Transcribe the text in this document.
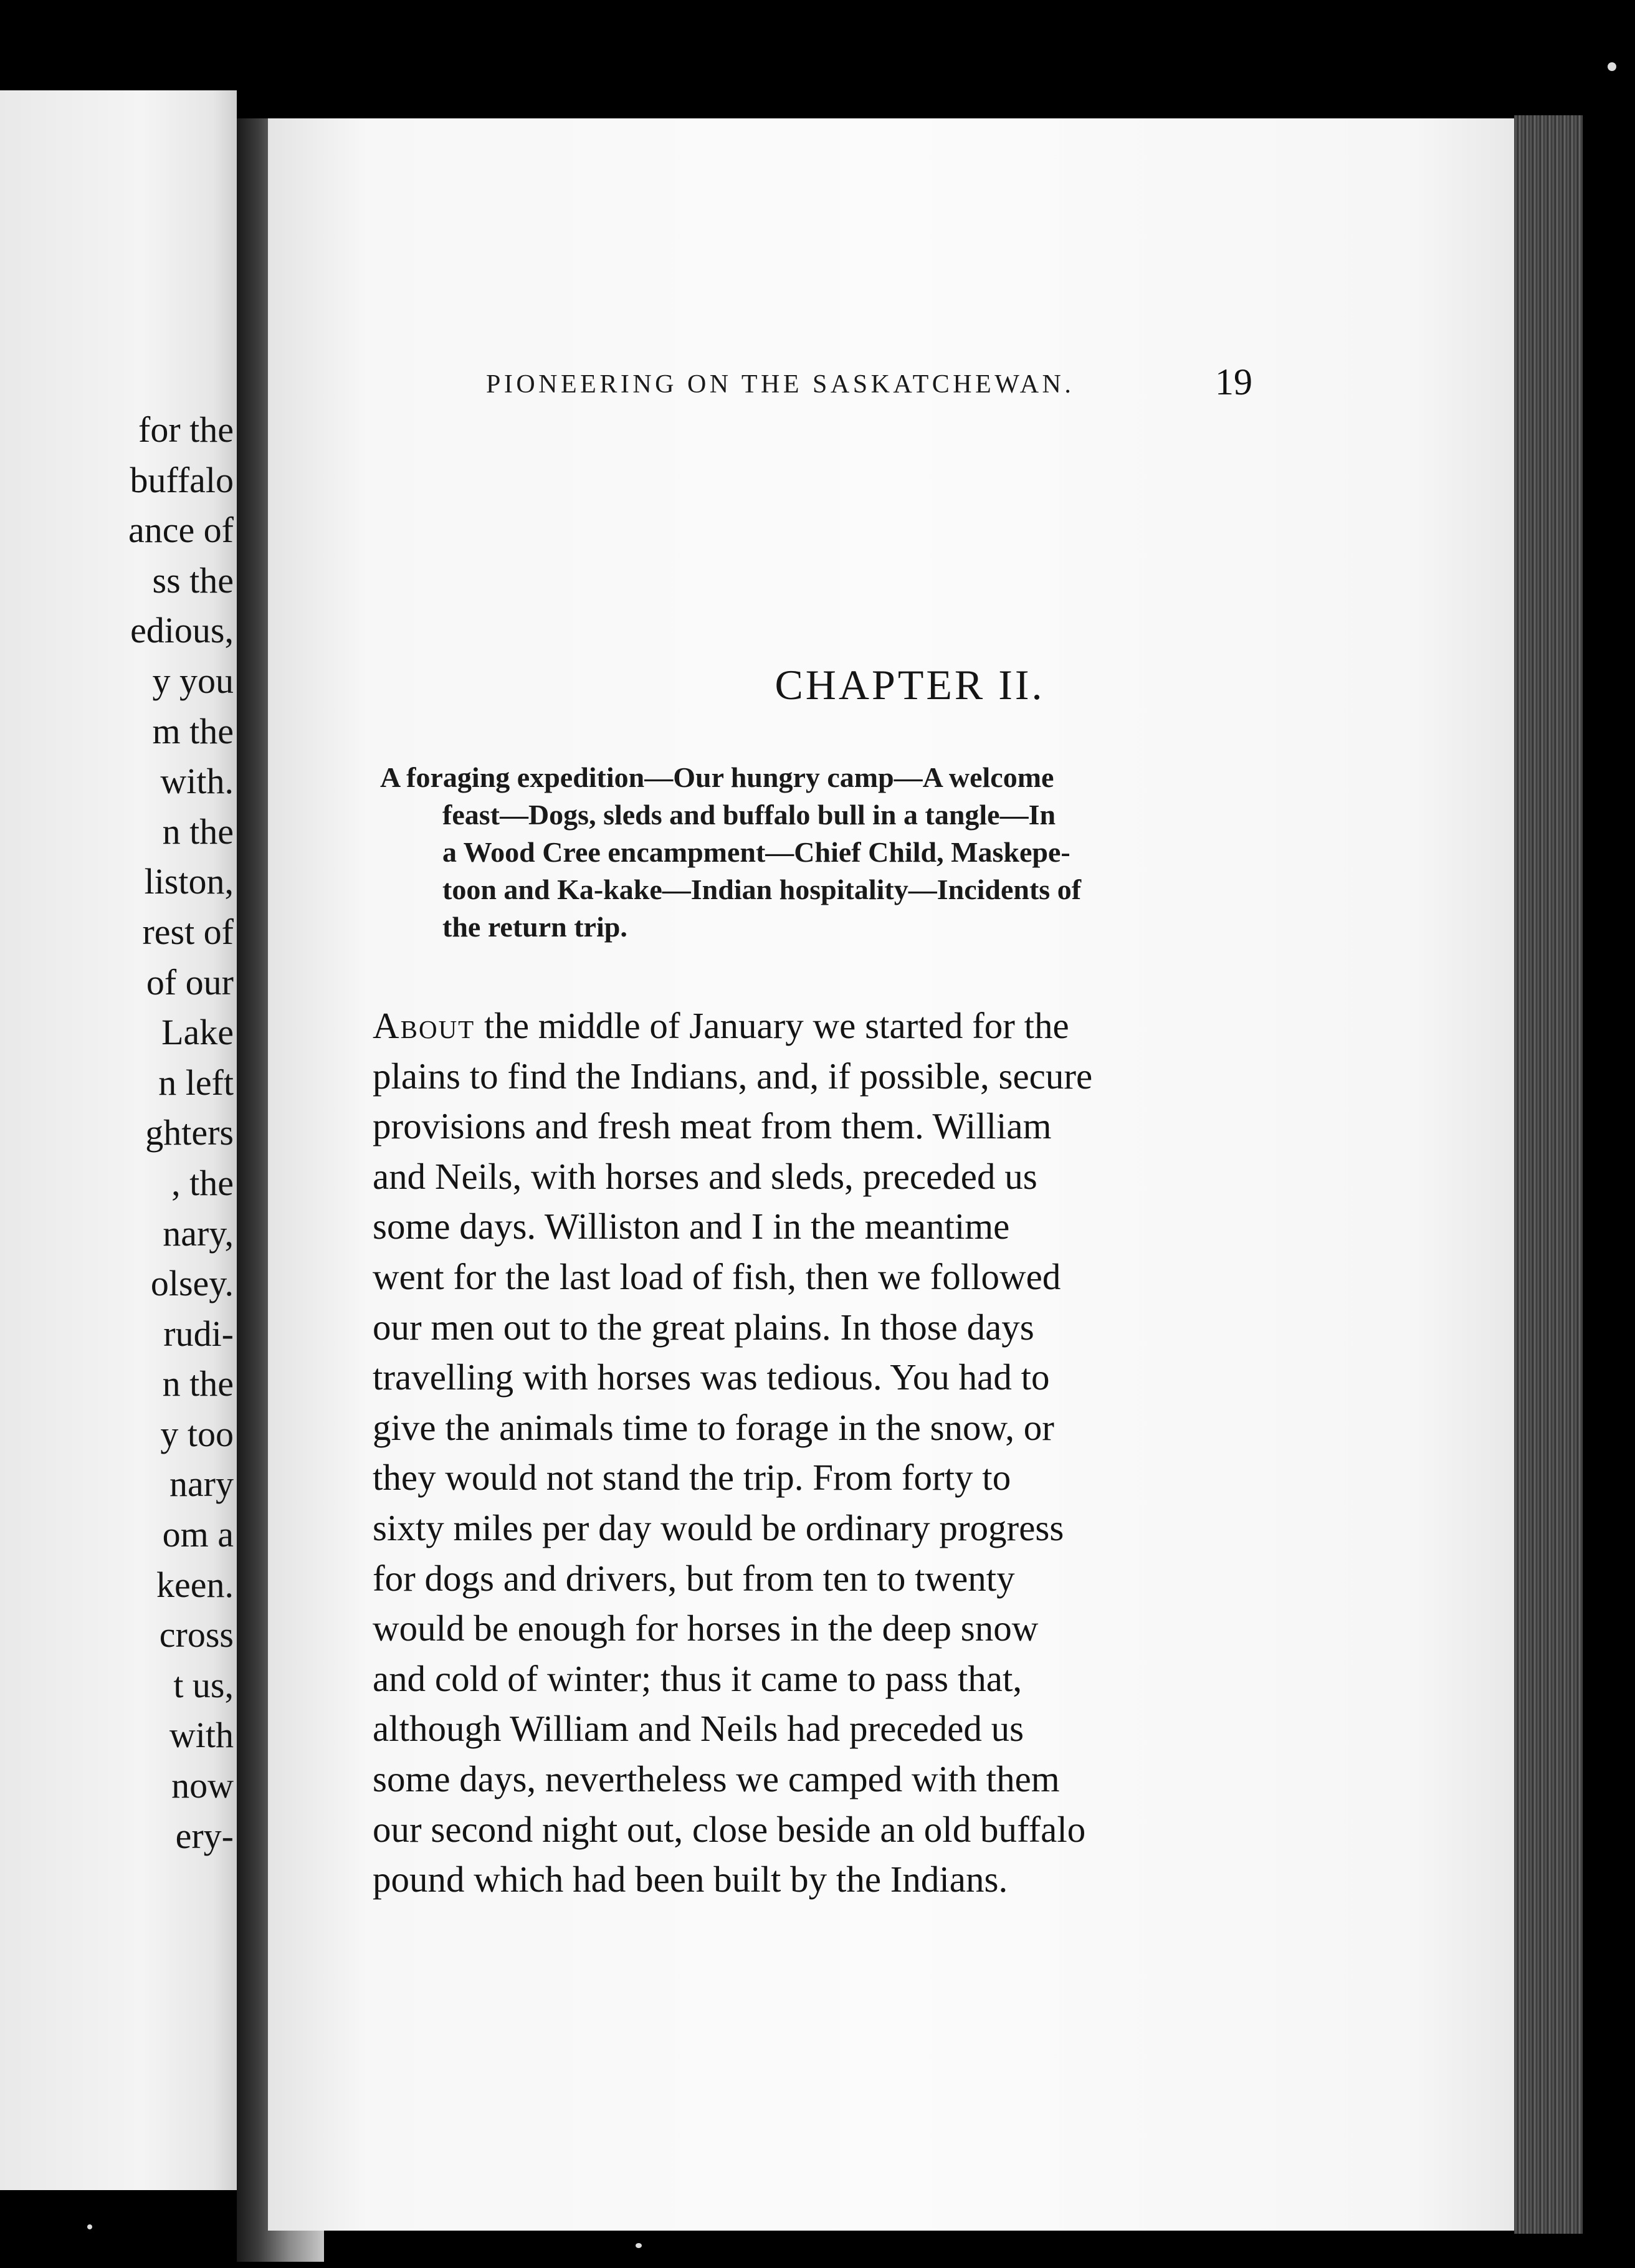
for the
buffalo
ance of
ss the
edious,
y you
m the
with.
n the
liston,
rest of
of our
Lake
n left
ghters
, the
nary,
olsey.
rudi-
n the
y too
nary
om a
keen.
cross
t us,
with
now
ery-
PIONEERING ON THE SASKATCHEWAN.	19
CHAPTER II.
A foraging expedition—Our hungry camp—A welcome
feast—Dogs, sleds and buffalo bull in a tangle—In
a Wood Cree encampment—Chief Child, Maskepe-
toon and Ka-kake—Indian hospitality—Incidents of
the return trip.
About the middle of January we started for the
plains to find the Indians, and, if possible, secure
provisions and fresh meat from them. William
and Neils, with horses and sleds, preceded us
some days. Williston and I in the meantime
went for the last load of fish, then we followed
our men out to the great plains. In those days
travelling with horses was tedious. You had to
give the animals time to forage in the snow, or
they would not stand the trip. From forty to
sixty miles per day would be ordinary progress
for dogs and drivers, but from ten to twenty
would be enough for horses in the deep snow
and cold of winter; thus it came to pass that,
although William and Neils had preceded us
some days, nevertheless we camped with them
our second night out, close beside an old buffalo
pound which had been built by the Indians.
